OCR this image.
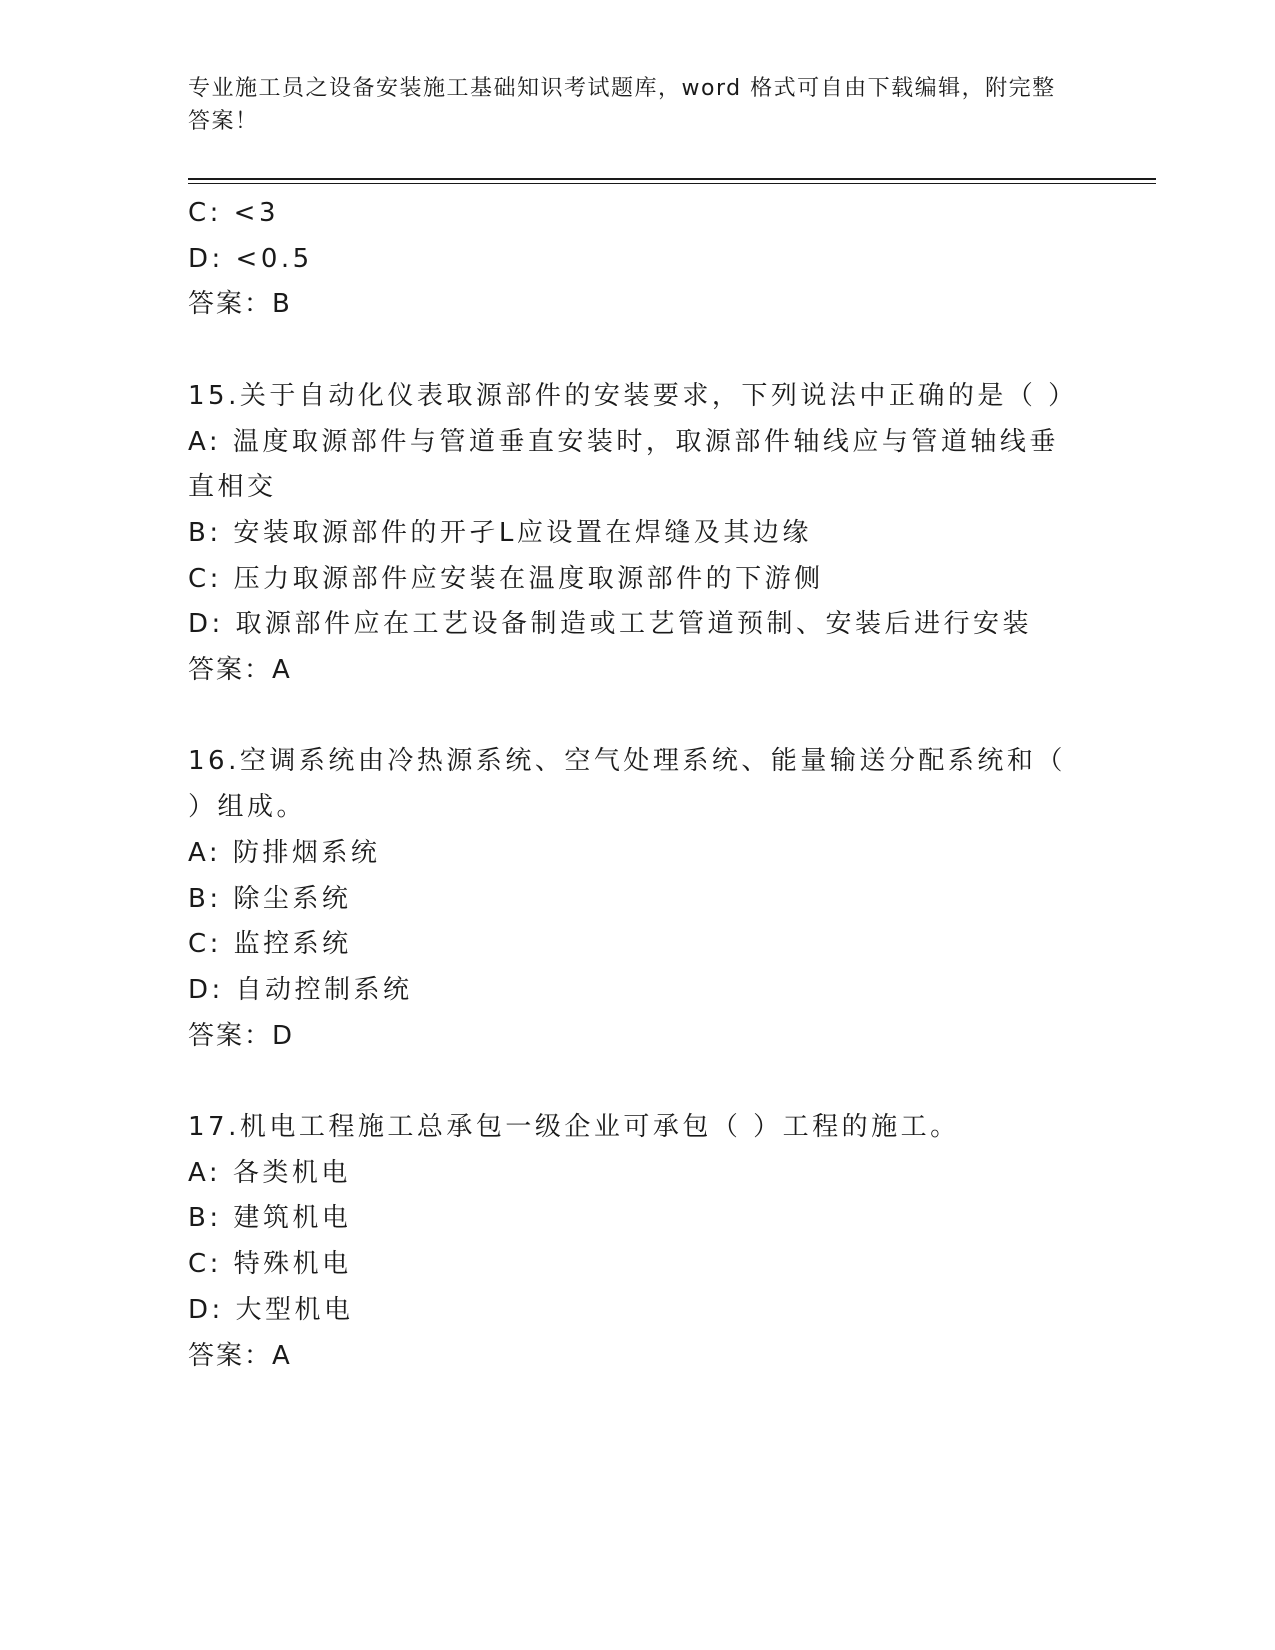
专业施工员之设备安装施工基础知识考试题库，word 格式可自由下载编辑，附完整答案！
C: <3
D: <0.5
答案：B
15.关于自动化仪表取源部件的安装要求，下列说法中正确的是（ ）
A: 温度取源部件与管道垂直安装时，取源部件轴线应与管道轴线垂直相交
B: 安装取源部件的开孑L应设置在焊缝及其边缘
C: 压力取源部件应安装在温度取源部件的下游侧
D: 取源部件应在工艺设备制造或工艺管道预制、安装后进行安装
答案：A
16.空调系统由冷热源系统、空气处理系统、能量输送分配系统和（ ）组成。
A: 防排烟系统
B: 除尘系统
C: 监控系统
D: 自动控制系统
答案：D
17.机电工程施工总承包一级企业可承包（ ）工程的施工。
A: 各类机电
B: 建筑机电
C: 特殊机电
D: 大型机电
答案：A
